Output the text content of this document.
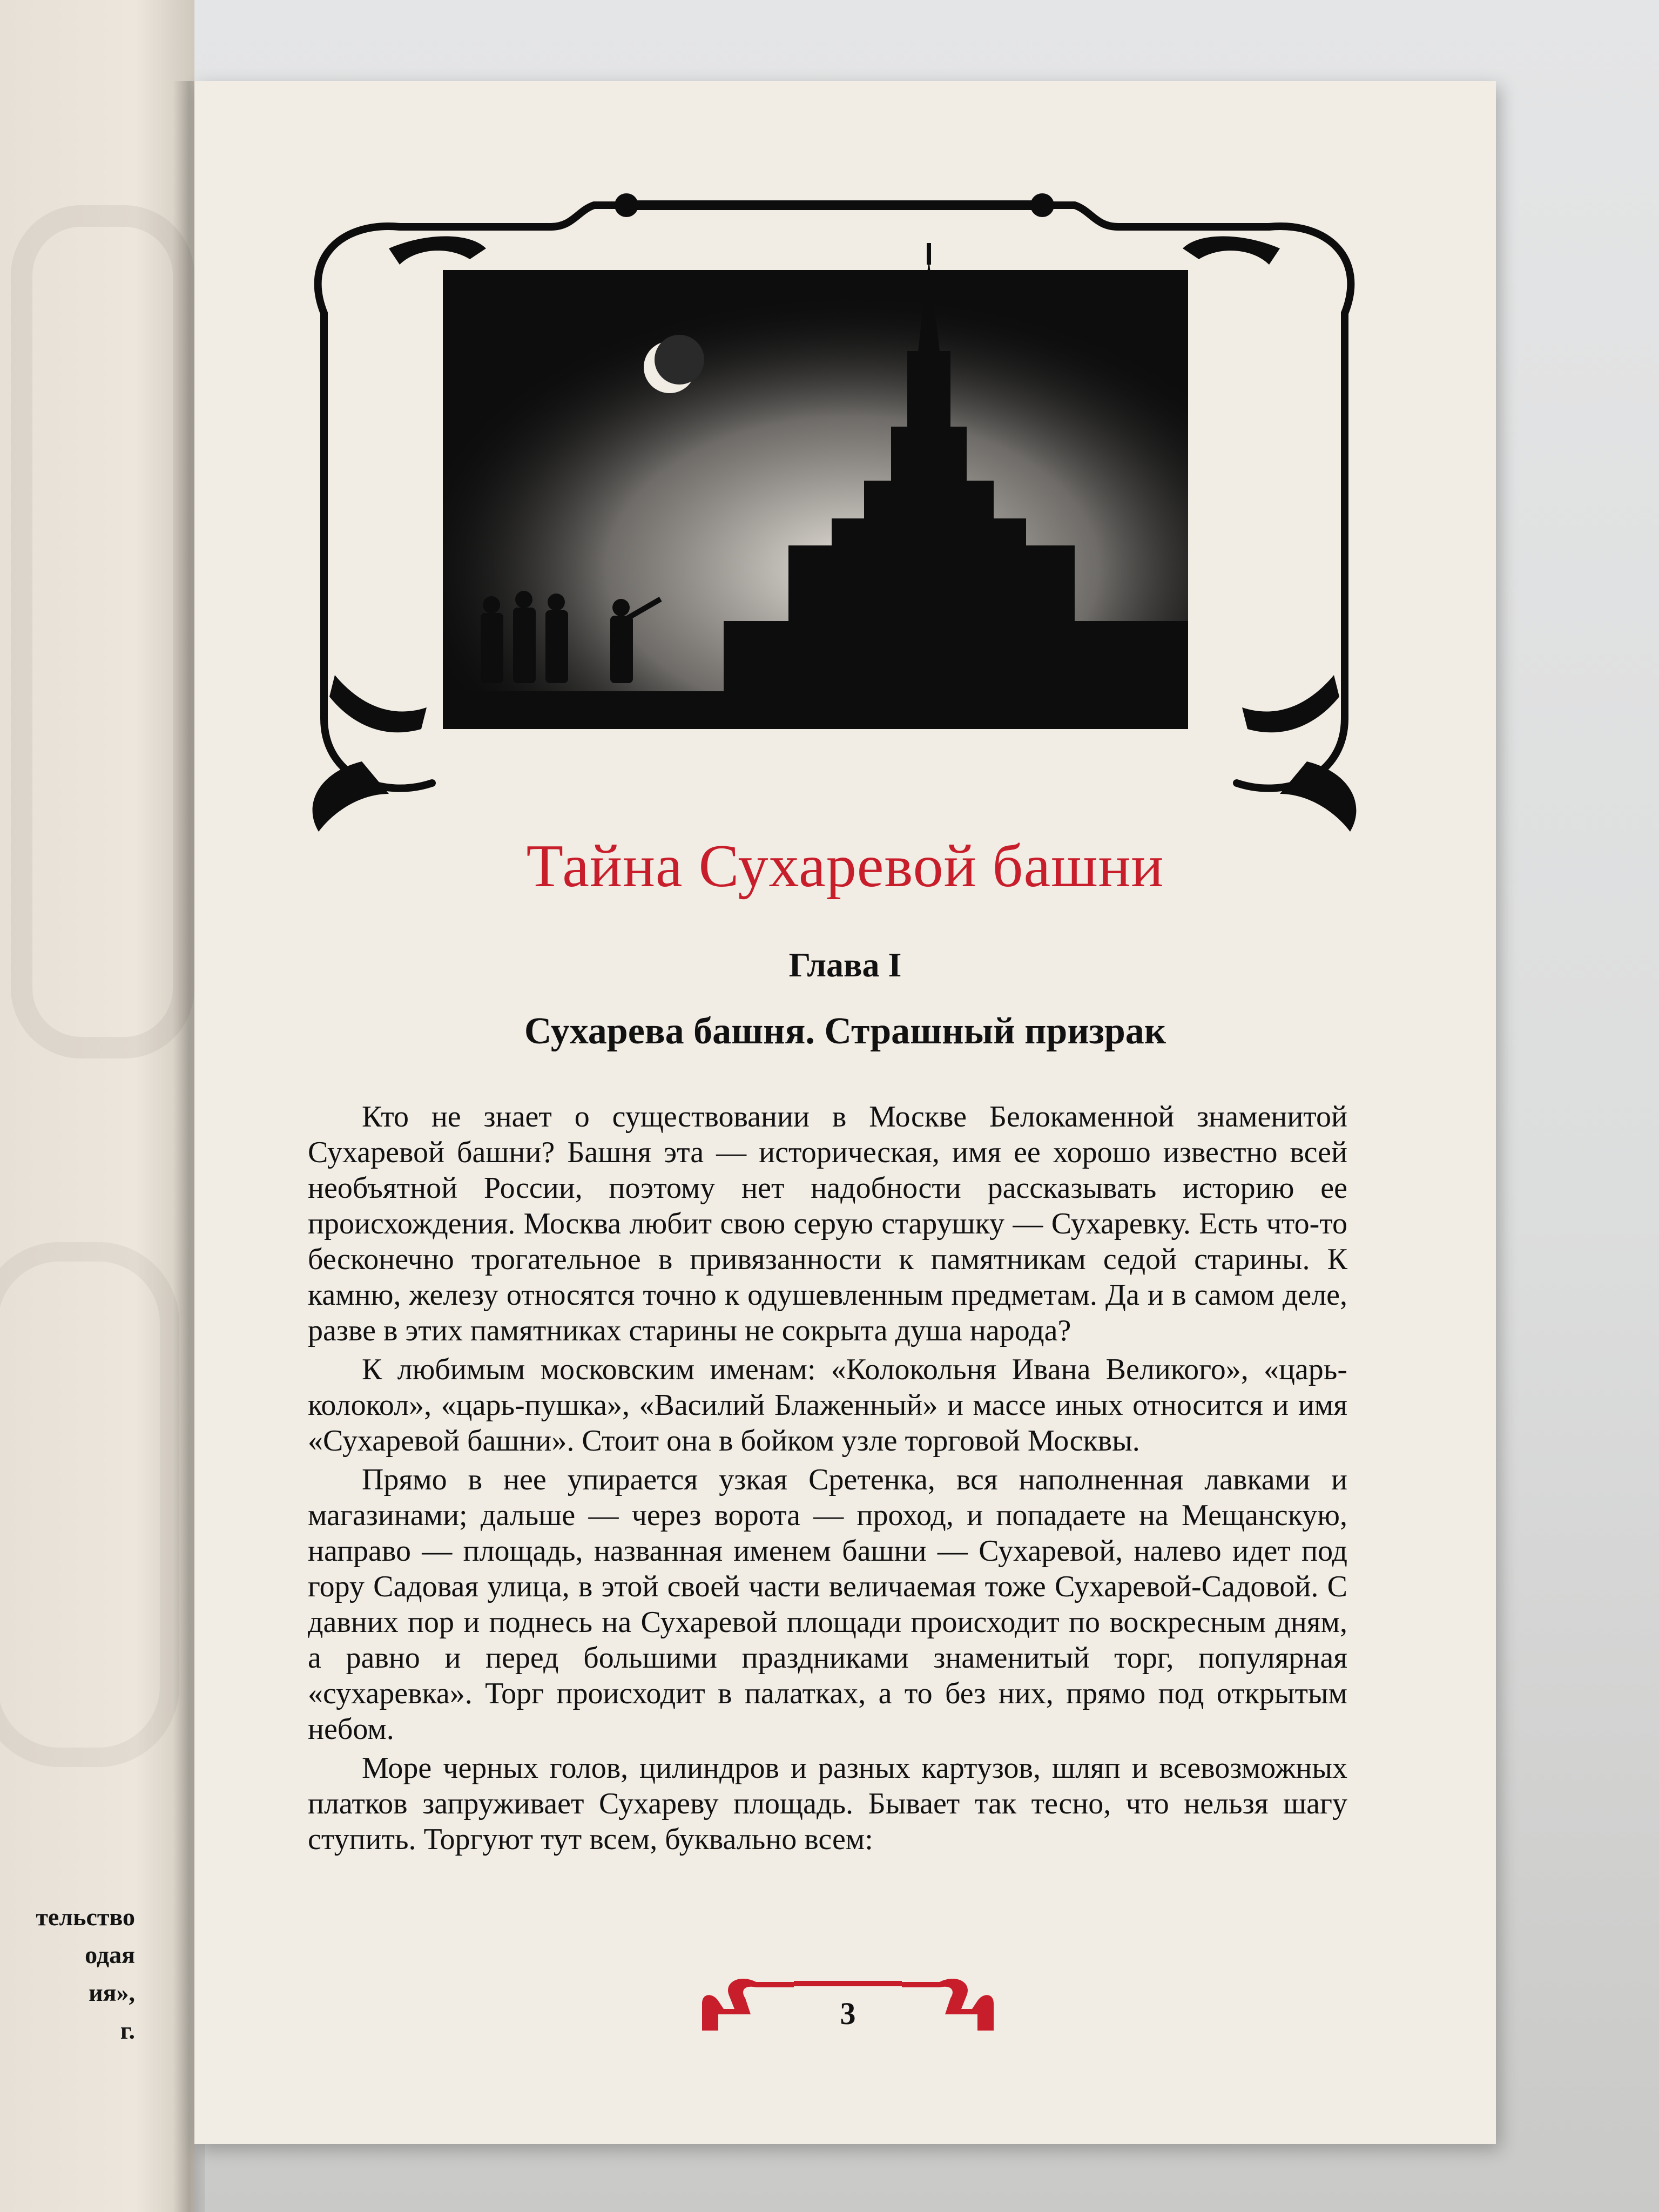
тельство
одая
ия»,
г.
Тайна Сухаревой башни
Глава I
Сухарева башня. Страшный призрак

Кто не знает о существовании в Москве Белокаменной знаменитой Сухаревой башни? Башня эта — историческая, имя ее хорошо известно всей необъятной России, поэтому нет надобности рассказывать историю ее происхождения. Москва любит свою серую старушку — Сухаревку. Есть что-то бесконечно трогательное в привязанности к памятникам седой старины. К камню, железу относятся точно к одушевленным предметам. Да и в самом деле, разве в этих памятниках старины не сокрыта душа народа?

К любимым московским именам: «Колокольня Ивана Великого», «царь-колокол», «царь-пушка», «Василий Блаженный» и массе иных относится и имя «Сухаревой башни». Стоит она в бойком узле торговой Москвы.

Прямо в нее упирается узкая Сретенка, вся наполненная лавками и магазинами; дальше — через ворота — проход, и попадаете на Мещанскую, направо — площадь, названная именем башни — Сухаревой, налево идет под гору Садовая улица, в этой своей части величаемая тоже Сухаревой-Садовой. С давних пор и поднесь на Сухаревой площади происходит по воскресным дням, а равно и перед большими праздниками знаменитый торг, популярная «сухаревка». Торг происходит в палатках, а то без них, прямо под открытым небом.

Море черных голов, цилиндров и разных картузов, шляп и всевозможных платков запруживает Сухареву площадь. Бывает так тесно, что нельзя шагу ступить. Торгуют тут всем, буквально всем:

3
